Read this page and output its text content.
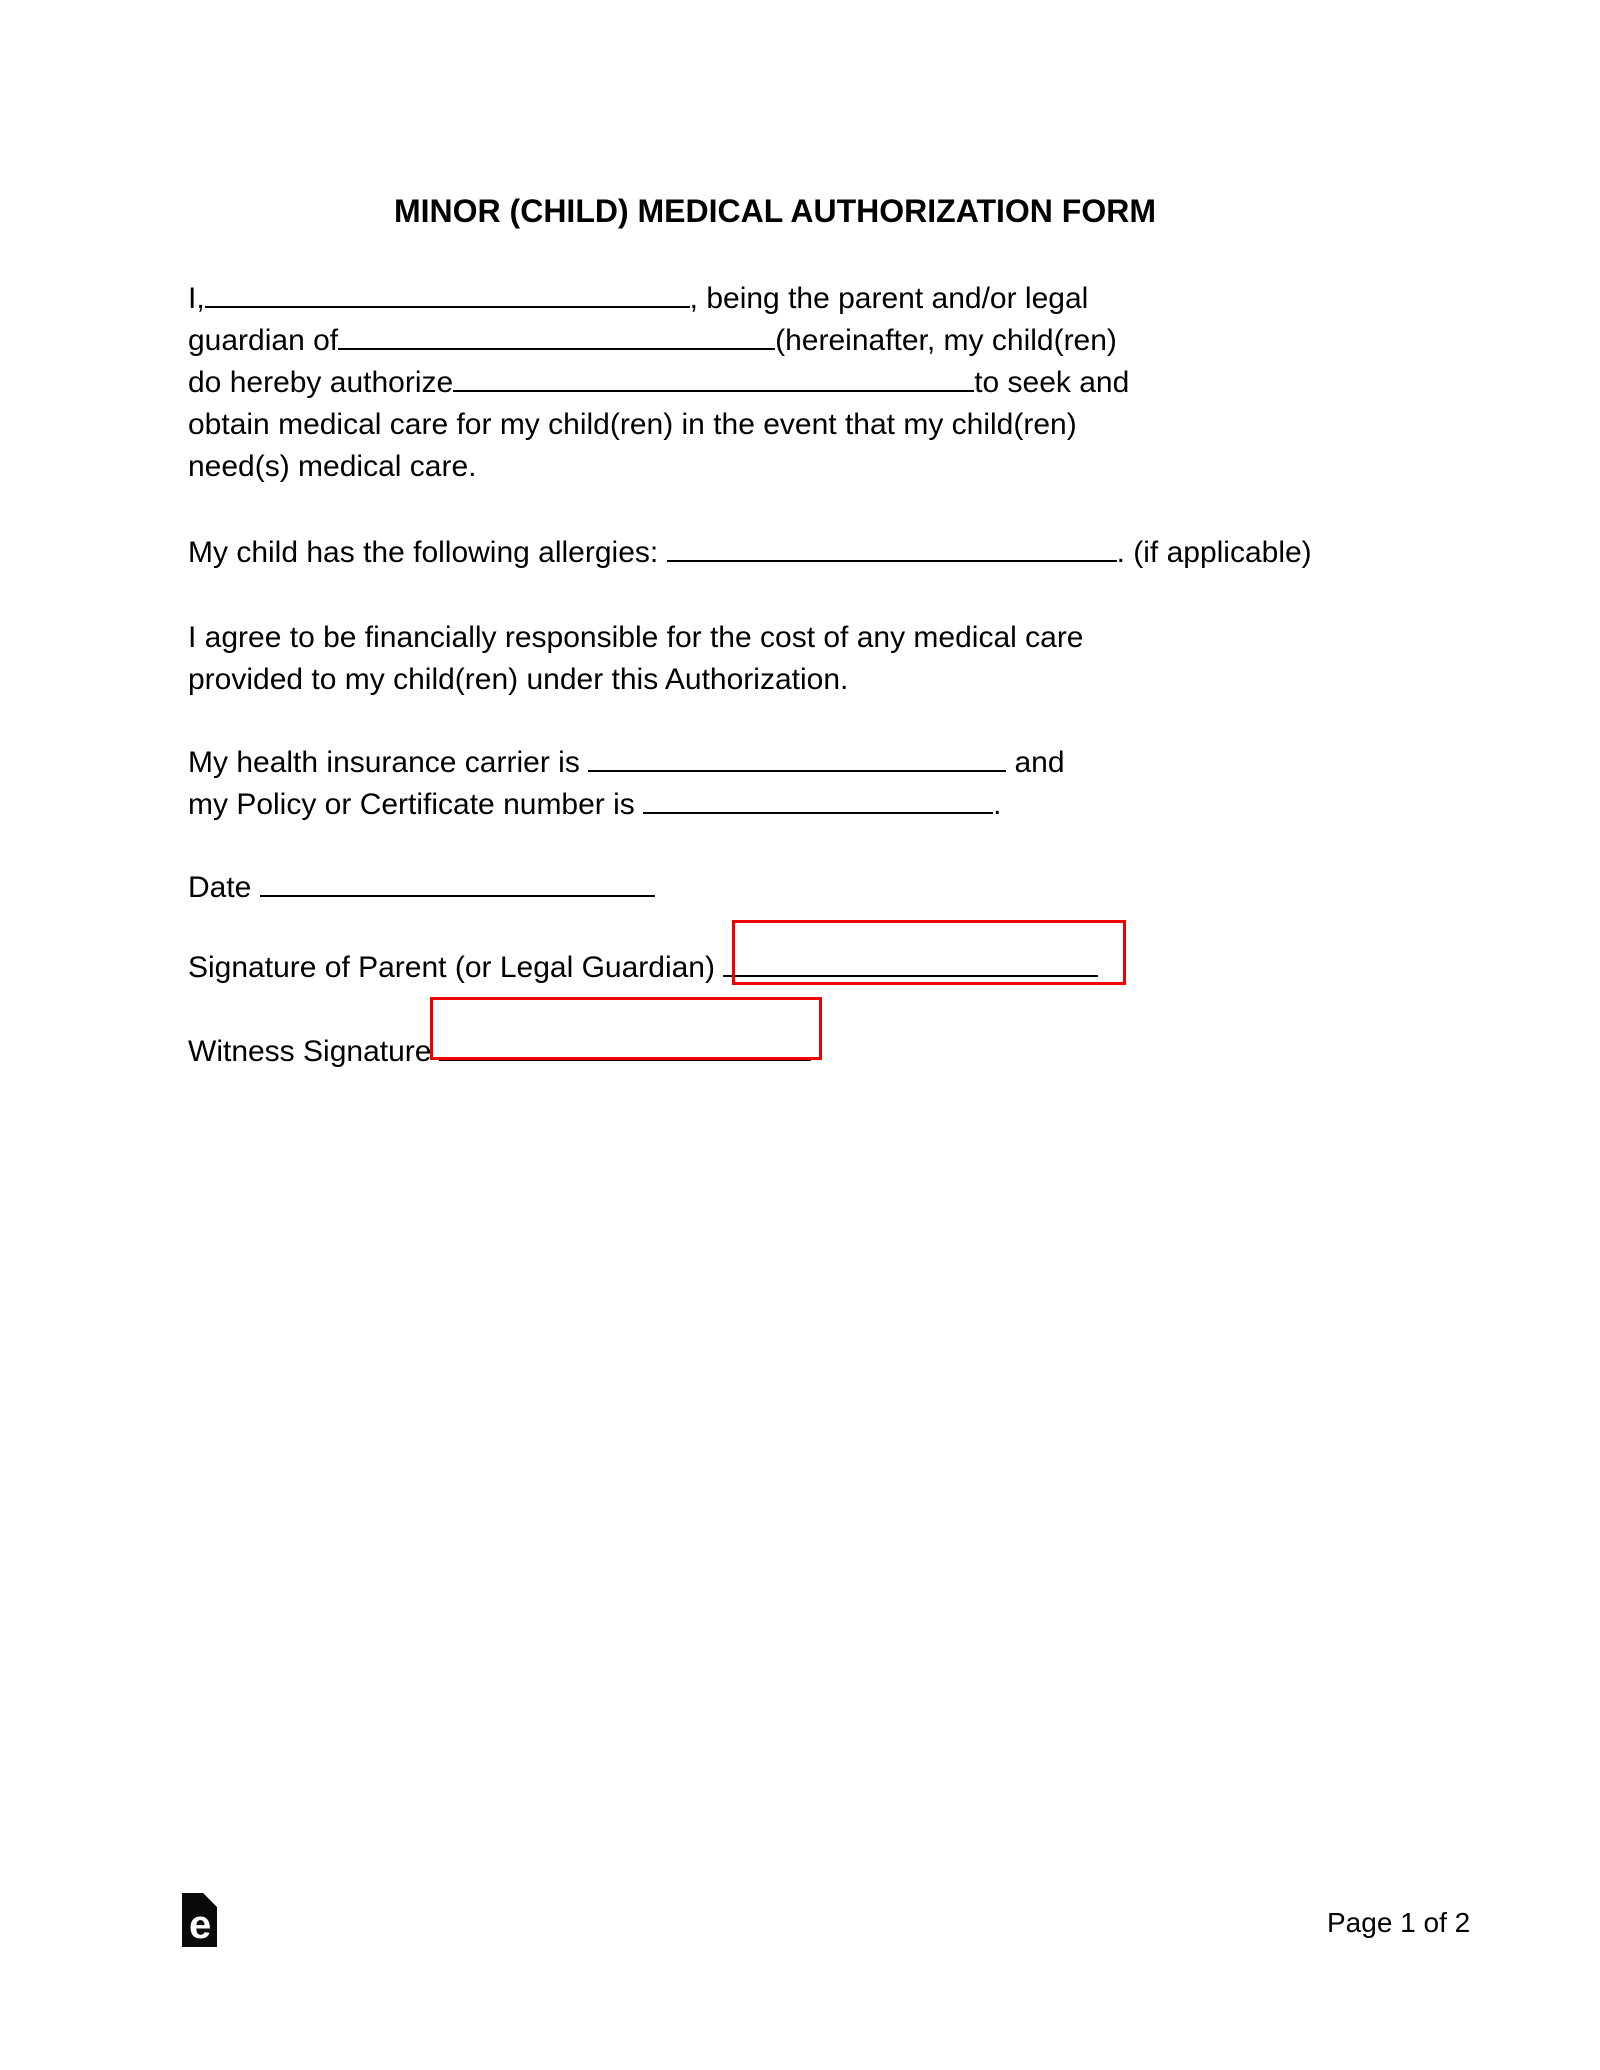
MINOR (CHILD) MEDICAL AUTHORIZATION FORM
I,	, being the parent and/or legal
guardian of	(hereinafter, my child(ren)
do hereby authorize	to seek and
obtain medical care for my child(ren) in the event that my child(ren)
need(s) medical care.
My child has the following allergies:	. (if applicable)
I agree to be financially responsible for the cost of any medical care
provided to my child(ren) under this Authorization.
My health insurance carrier is	and
my Policy or Certificate number is	.
Date
Signature of Parent (or Legal Guardian)
Witness Signature
e	Page 1 of 2
